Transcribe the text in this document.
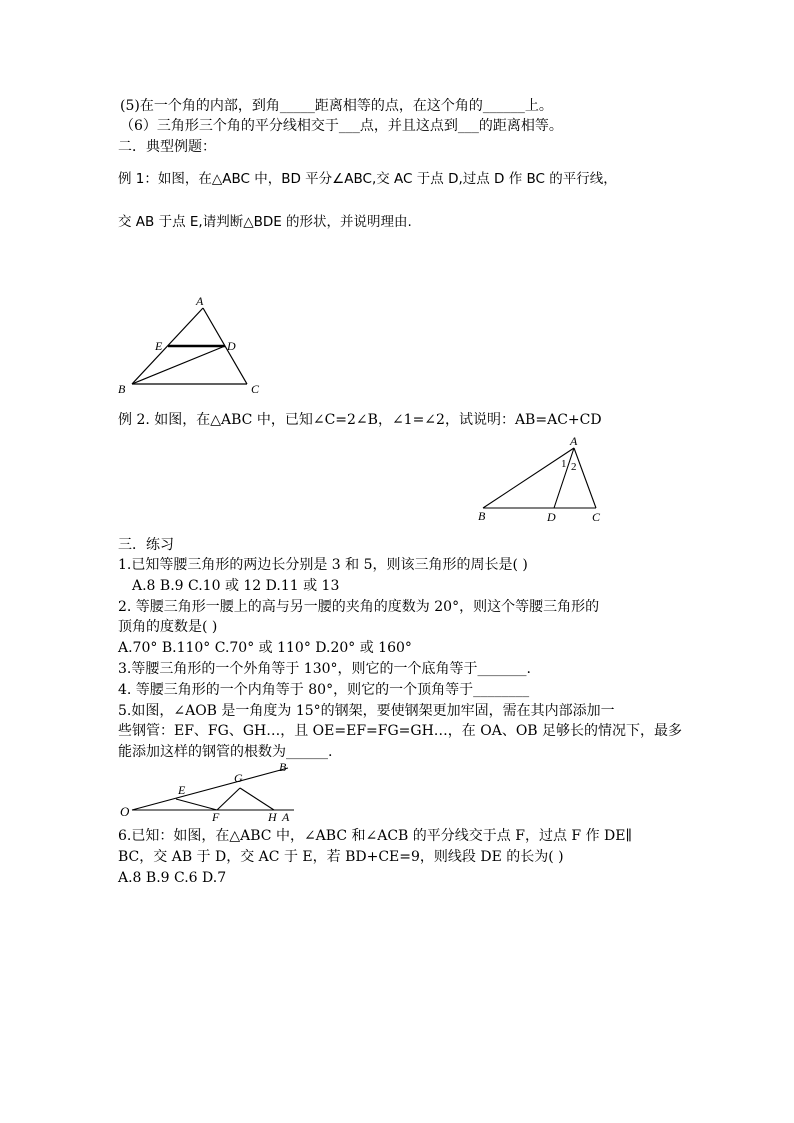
(5)在一个角的内部，到角_____距离相等的点，在这个角的______上。
（6）三角形三个角的平分线相交于___点，并且这点到___的距离相等。
二．典型例题：
例 1：如图，在△ABC 中，BD 平分∠ABC,交 AC 于点 D,过点 D 作 BC 的平行线，
交 AB 于点 E,请判断△BDE 的形状，并说明理由.
A
E	D
B	C
例 2. 如图，在△ABC 中，已知∠C=2∠B，∠1=∠2，试说明：AB=AC+CD
A
1 2
B	D	C
三．练习
1.已知等腰三角形的两边长分别是 3 和 5，则该三角形的周长是( )
A.8 B.9 C.10 或 12 D.11 或 13
2. 等腰三角形一腰上的高与另一腰的夹角的度数为 20°，则这个等腰三角形的
顶角的度数是( )
A.70° B.110° C.70° 或 110° D.20° 或 160°
3.等腰三角形的一个外角等于 130°，则它的一个底角等于_______.
4. 等腰三角形的一个内角等于 80°，则它的一个顶角等于________
5.如图，∠AOB 是一角度为 15°的钢架，要使钢架更加牢固，需在其内部添加一
些钢管：EF、FG、GH…，且 OE=EF=FG=GH…，在 OA、OB 足够长的情况下，最多
能添加这样的钢管的根数为______.
O
E
F
G
H A
B
6.已知：如图，在△ABC 中，∠ABC 和∠ACB 的平分线交于点 F，过点 F 作 DE∥
BC，交 AB 于 D，交 AC 于 E，若 BD+CE=9，则线段 DE 的长为( )
A.8 B.9 C.6 D.7
